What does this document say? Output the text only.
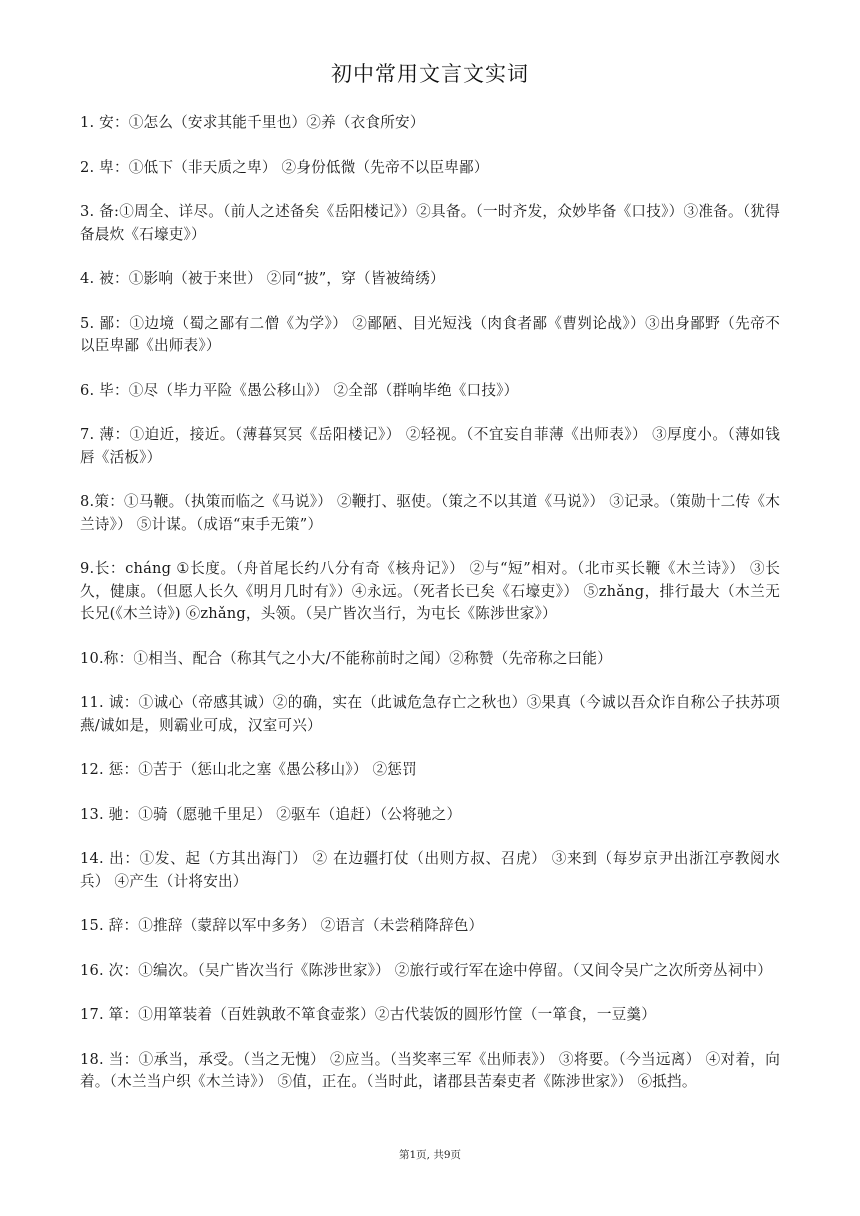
初中常用文言文实词

1. 安：①怎么（安求其能千里也）②养（衣食所安）

2. 卑：①低下（非天质之卑） ②身份低微（先帝不以臣卑鄙）

3. 备:①周全、详尽。（前人之述备矣《岳阳楼记》）②具备。（一时齐发，众妙毕备《口技》）③准备。（犹得备晨炊《石壕吏》）

4. 被：①影响（被于来世） ②同“披”，穿（皆被绮绣）

5. 鄙：①边境（蜀之鄙有二僧《为学》） ②鄙陋、目光短浅（肉食者鄙《曹刿论战》）③出身鄙野（先帝不以臣卑鄙《出师表》）

6. 毕：①尽（毕力平险《愚公移山》） ②全部（群响毕绝《口技》）

7. 薄：①迫近，接近。（薄暮冥冥《岳阳楼记》） ②轻视。（不宜妄自菲薄《出师表》） ③厚度小。（薄如钱唇《活板》）

8.策：①马鞭。（执策而临之《马说》） ②鞭打、驱使。（策之不以其道《马说》） ③记录。（策勋十二传《木兰诗》） ⑤计谋。（成语“束手无策”）

9.长：cháng ①长度。（舟首尾长约八分有奇《核舟记》） ②与“短”相对。（北市买长鞭《木兰诗》） ③长久，健康。（但愿人长久《明月几时有》）④永远。（死者长已矣《石壕吏》） ⑤zhǎng，排行最大（木兰无长兄(《木兰诗》) ⑥zhǎng，头领。（吴广皆次当行，为屯长《陈涉世家》）

10.称：①相当、配合（称其气之小大/不能称前时之闻）②称赞（先帝称之曰能）

11. 诚：①诚心（帝感其诚）②的确，实在（此诚危急存亡之秋也）③果真（今诚以吾众诈自称公子扶苏项燕/诚如是，则霸业可成，汉室可兴）

12. 惩：①苦于（惩山北之塞《愚公移山》） ②惩罚

13. 驰：①骑（愿驰千里足） ②驱车（追赶）（公将驰之）

14. 出：①发、起（方其出海门） ② 在边疆打仗（出则方叔、召虎） ③来到（每岁京尹出浙江亭教阅水兵） ④产生（计将安出）

15. 辞：①推辞（蒙辞以军中多务） ②语言（未尝稍降辞色）

16. 次：①编次。（吴广皆次当行《陈涉世家》） ②旅行或行军在途中停留。（又间令吴广之次所旁丛祠中）

17. 箪：①用箪装着（百姓孰敢不箪食壶浆）②古代装饭的圆形竹筐（一箪食，一豆羹）

18. 当：①承当，承受。（当之无愧） ②应当。（当奖率三军《出师表》） ③将要。（今当远离） ④对着，向着。（木兰当户织《木兰诗》） ⑤值，正在。（当时此，诸郡县苦秦吏者《陈涉世家》） ⑥抵挡。

第1页, 共9页
